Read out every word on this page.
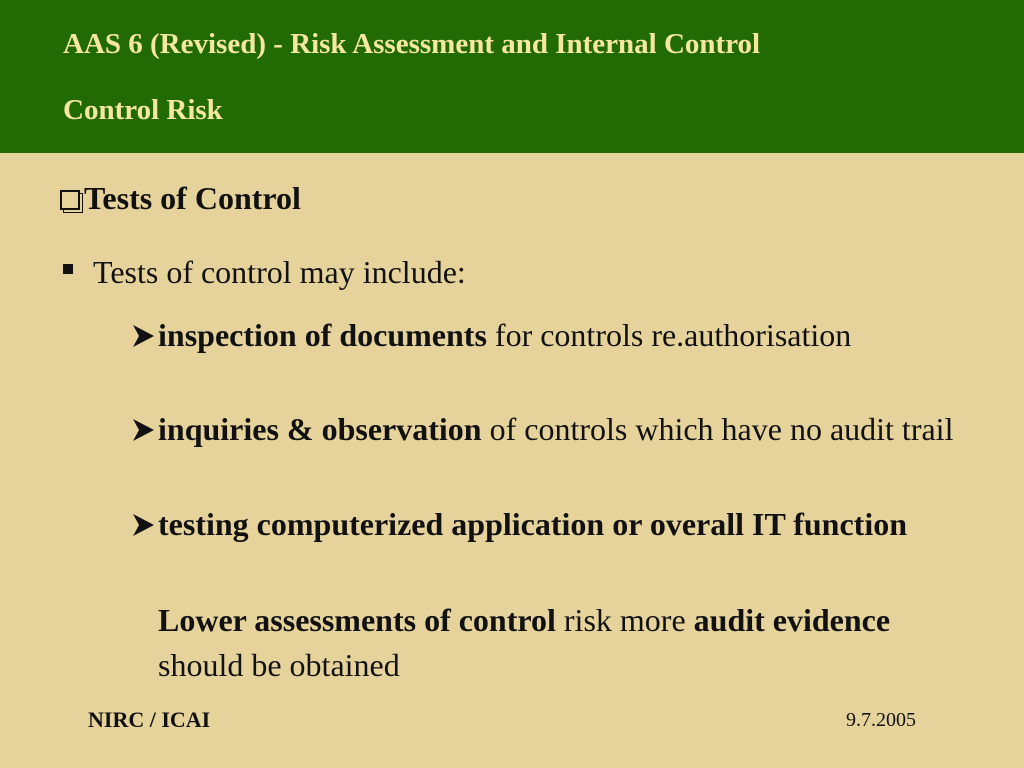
AAS 6 (Revised) - Risk Assessment and Internal Control
Control Risk
Tests of Control
Tests of control may include:
inspection of documents for controls re.authorisation
inquiries & observation of controls which have no audit trail
testing computerized application or overall IT function
Lower assessments of control risk more audit evidence should be obtained
NIRC / ICAI	9.7.2005
